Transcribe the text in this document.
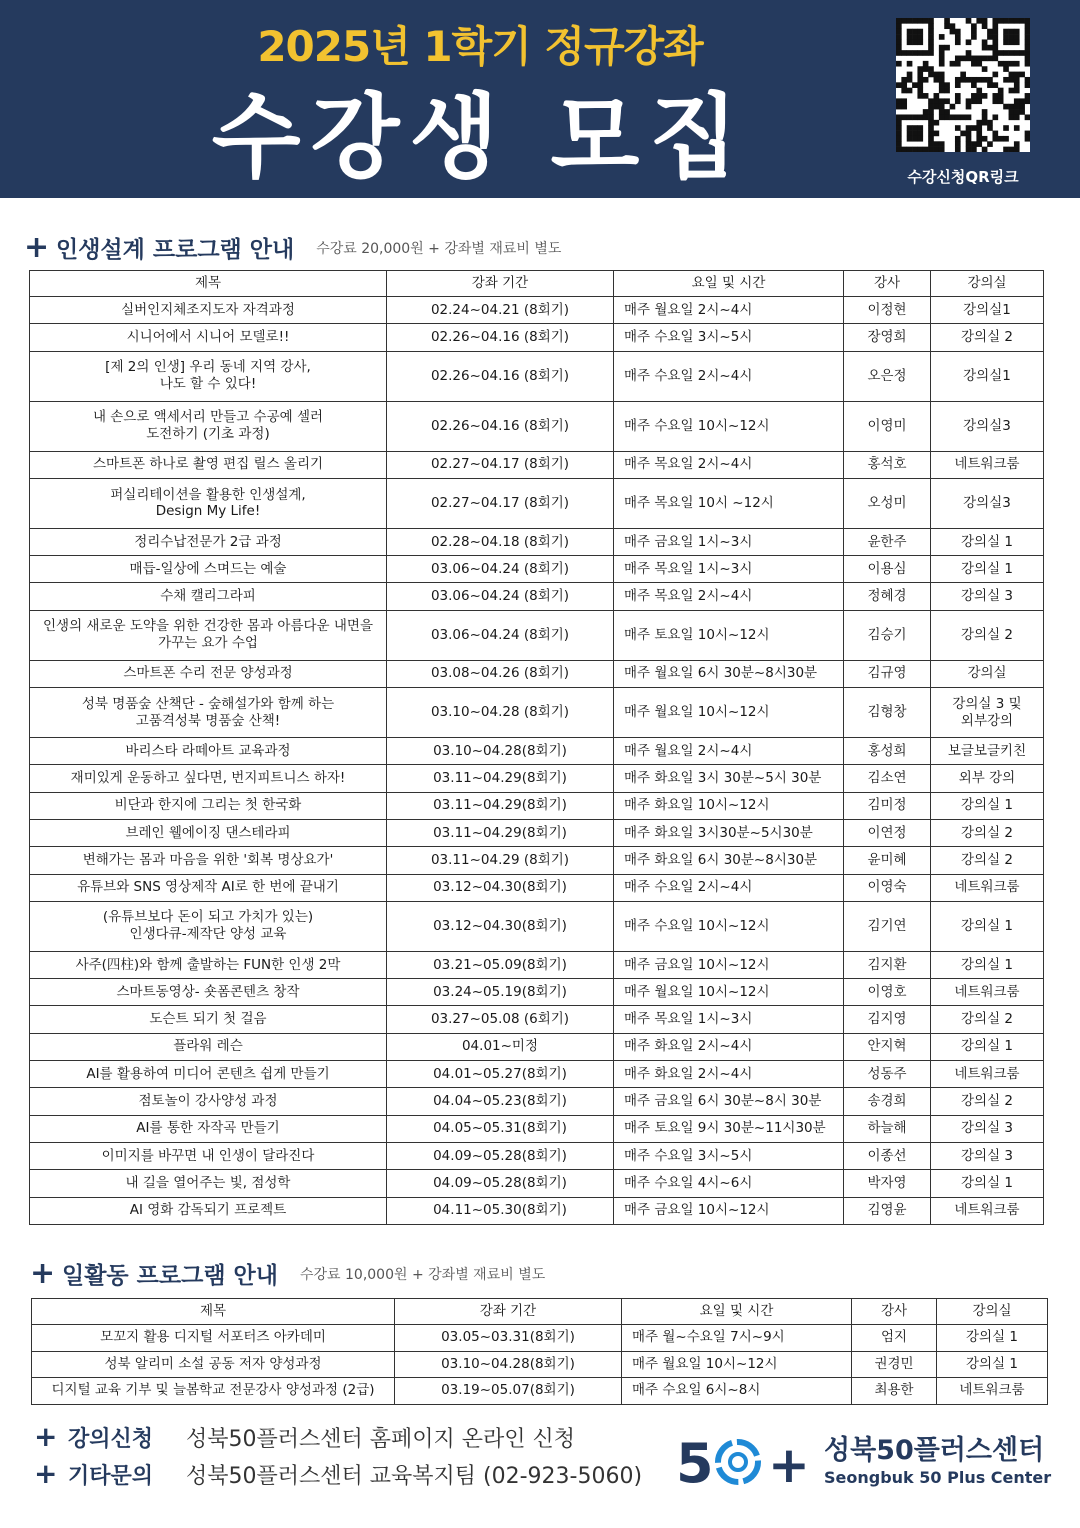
2025년 1학기 정규강좌
수강생 모집	수강신청QR링크
+ 인생설계 프로그램 안내 수강료 20,000원 + 강좌별 재료비 별도
제목	강좌 기간	요일 및 시간	강사	강의실
실버인지체조지도자 자격과정	02.24~04.21 (8회기)	매주 월요일 2시~4시	이정현	강의실1
시니어에서 시니어 모델로!!	02.26~04.16 (8회기)	매주 수요일 3시~5시	장영희	강의실 2
[제 2의 인생] 우리 동네 지역 강사,
나도 할 수 있다!	02.26~04.16 (8회기)	매주 수요일 2시~4시	오은정	강의실1
내 손으로 액세서리 만들고 수공예 셀러
도전하기 (기초 과정)	02.26~04.16 (8회기)	매주 수요일 10시~12시	이영미	강의실3
스마트폰 하나로 촬영 편집 릴스 올리기	02.27~04.17 (8회기)	매주 목요일 2시~4시	홍석호	네트워크룸
퍼실리테이션을 활용한 인생설계,
Design My Life!	02.27~04.17 (8회기)	매주 목요일 10시 ~12시	오성미	강의실3
정리수납전문가 2급 과정	02.28~04.18 (8회기)	매주 금요일 1시~3시	윤한주	강의실 1
매듭-일상에 스며드는 예술	03.06~04.24 (8회기)	매주 목요일 1시~3시	이용심	강의실 1
수채 캘리그라피	03.06~04.24 (8회기)	매주 목요일 2시~4시	정혜경	강의실 3
인생의 새로운 도약을 위한 건강한 몸과 아름다운 내면을
가꾸는 요가 수업	03.06~04.24 (8회기)	매주 토요일 10시~12시	김승기	강의실 2
스마트폰 수리 전문 양성과정	03.08~04.26 (8회기)	매주 월요일 6시 30분~8시30분	김규영	강의실
성북 명품숲 산책단 - 숲해설가와 함께 하는
고품격성북 명품숲 산책!	03.10~04.28 (8회기)	매주 월요일 10시~12시	김형창	강의실 3 및
외부강의
바리스타 라떼아트 교육과정	03.10~04.28(8회기)	매주 월요일 2시~4시	홍성희	보글보글키친
재미있게 운동하고 싶다면, 번지피트니스 하자!	03.11~04.29(8회기)	매주 화요일 3시 30분~5시 30분	김소연	외부 강의
비단과 한지에 그리는 첫 한국화	03.11~04.29(8회기)	매주 화요일 10시~12시	김미정	강의실 1
브레인 웰에이징 댄스테라피	03.11~04.29(8회기)	매주 화요일 3시30분~5시30분	이연정	강의실 2
변해가는 몸과 마음을 위한 '회복 명상요가'	03.11~04.29 (8회기)	매주 화요일 6시 30분~8시30분	윤미혜	강의실 2
유튜브와 SNS 영상제작 AI로 한 번에 끝내기	03.12~04.30(8회기)	매주 수요일 2시~4시	이영숙	네트워크룸
(유튜브보다 돈이 되고 가치가 있는)
인생다큐-제작단 양성 교육	03.12~04.30(8회기)	매주 수요일 10시~12시	김기연	강의실 1
사주(四柱)와 함께 출발하는 FUN한 인생 2막	03.21~05.09(8회기)	매주 금요일 10시~12시	김지환	강의실 1
스마트동영상- 숏폼콘텐츠 창작	03.24~05.19(8회기)	매주 월요일 10시~12시	이영호	네트워크룸
도슨트 되기 첫 걸음	03.27~05.08 (6회기)	매주 목요일 1시~3시	김지영	강의실 2
플라워 레슨	04.01~미정	매주 화요일 2시~4시	안지혁	강의실 1
AI를 활용하여 미디어 콘텐츠 쉽게 만들기	04.01~05.27(8회기)	매주 화요일 2시~4시	성동주	네트워크룸
점토놀이 강사양성 과정	04.04~05.23(8회기)	매주 금요일 6시 30분~8시 30분	송경희	강의실 2
AI를 통한 자작곡 만들기	04.05~05.31(8회기)	매주 토요일 9시 30분~11시30분	하늘해	강의실 3
이미지를 바꾸면 내 인생이 달라진다	04.09~05.28(8회기)	매주 수요일 3시~5시	이종선	강의실 3
내 길을 열어주는 빛, 점성학	04.09~05.28(8회기)	매주 수요일 4시~6시	박자영	강의실 1
AI 영화 감독되기 프로젝트	04.11~05.30(8회기)	매주 금요일 10시~12시	김영윤	네트워크룸
+ 일활동 프로그램 안내 수강료 10,000원 + 강좌별 재료비 별도
제목	강좌 기간	요일 및 시간	강사	강의실
모꼬지 활용 디지털 서포터즈 아카데미	03.05~03.31(8회기)	매주 월~수요일 7시~9시	엄지	강의실 1
성북 알리미 소설 공동 저자 양성과정	03.10~04.28(8회기)	매주 월요일 10시~12시	권경민	강의실 1
디지털 교육 기부 및 늘봄학교 전문강사 양성과정 (2급)	03.19~05.07(8회기)	매주 수요일 6시~8시	최용한	네트워크룸
+ 강의신청 성북50플러스센터 홈페이지 온라인 신청
+ 기타문의 성북50플러스센터 교육복지팀 (02-923-5060) 5 + 성북50플러스센터
Seongbuk 50 Plus Center
